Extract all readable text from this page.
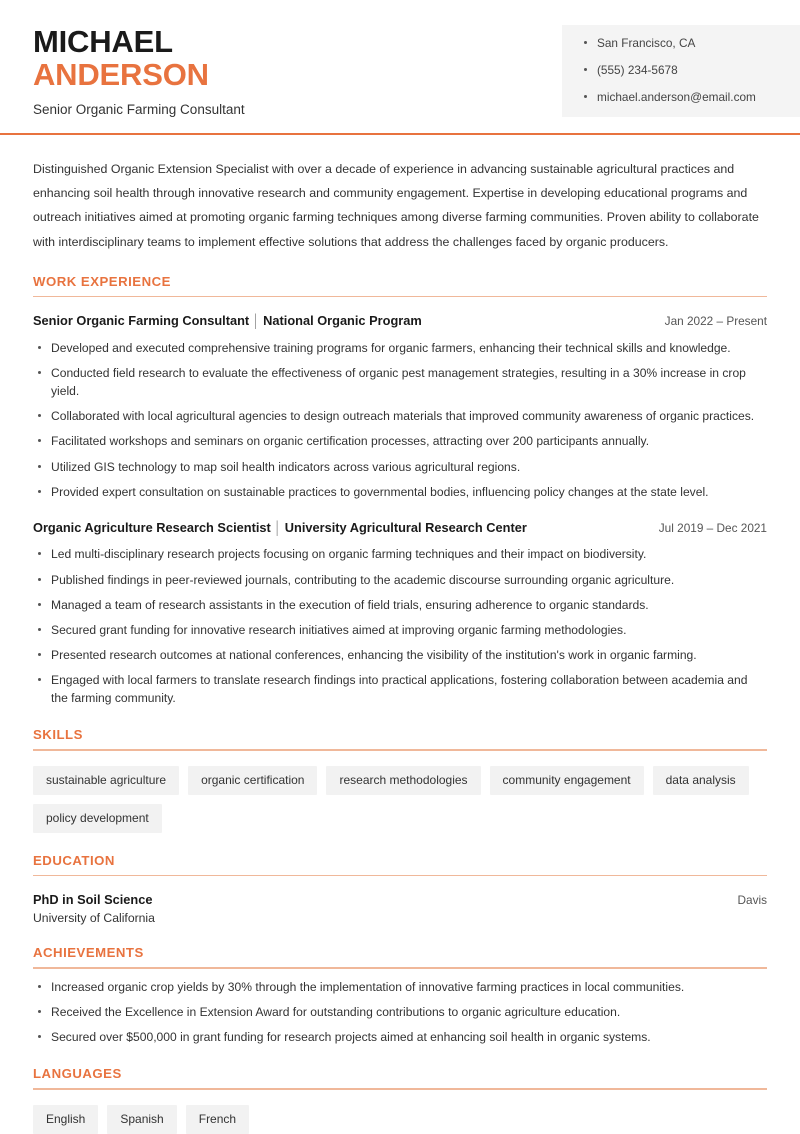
MICHAEL
ANDERSON
Senior Organic Farming Consultant
San Francisco, CA
(555) 234-5678
michael.anderson@email.com

Distinguished Organic Extension Specialist with over a decade of experience in advancing sustainable agricultural practices and enhancing soil health through innovative research and community engagement. Expertise in developing educational programs and outreach initiatives aimed at promoting organic farming techniques among diverse farming communities. Proven ability to collaborate with interdisciplinary teams to implement effective solutions that address the challenges faced by organic producers.

WORK EXPERIENCE
Senior Organic Farming Consultant │ National Organic Program	Jan 2022 – Present
Developed and executed comprehensive training programs for organic farmers, enhancing their technical skills and knowledge.
Conducted field research to evaluate the effectiveness of organic pest management strategies, resulting in a 30% increase in crop yield.
Collaborated with local agricultural agencies to design outreach materials that improved community awareness of organic practices.
Facilitated workshops and seminars on organic certification processes, attracting over 200 participants annually.
Utilized GIS technology to map soil health indicators across various agricultural regions.
Provided expert consultation on sustainable practices to governmental bodies, influencing policy changes at the state level.
Organic Agriculture Research Scientist │ University Agricultural Research Center	Jul 2019 – Dec 2021
Led multi-disciplinary research projects focusing on organic farming techniques and their impact on biodiversity.
Published findings in peer-reviewed journals, contributing to the academic discourse surrounding organic agriculture.
Managed a team of research assistants in the execution of field trials, ensuring adherence to organic standards.
Secured grant funding for innovative research initiatives aimed at improving organic farming methodologies.
Presented research outcomes at national conferences, enhancing the visibility of the institution's work in organic farming.
Engaged with local farmers to translate research findings into practical applications, fostering collaboration between academia and the farming community.
SKILLS
sustainable agriculture	organic certification	research methodologies	community engagement	data analysis
policy development
EDUCATION
PhD in Soil Science	Davis
University of California
ACHIEVEMENTS
Increased organic crop yields by 30% through the implementation of innovative farming practices in local communities.
Received the Excellence in Extension Award for outstanding contributions to organic agriculture education.
Secured over $500,000 in grant funding for research projects aimed at enhancing soil health in organic systems.
LANGUAGES
English	Spanish	French
